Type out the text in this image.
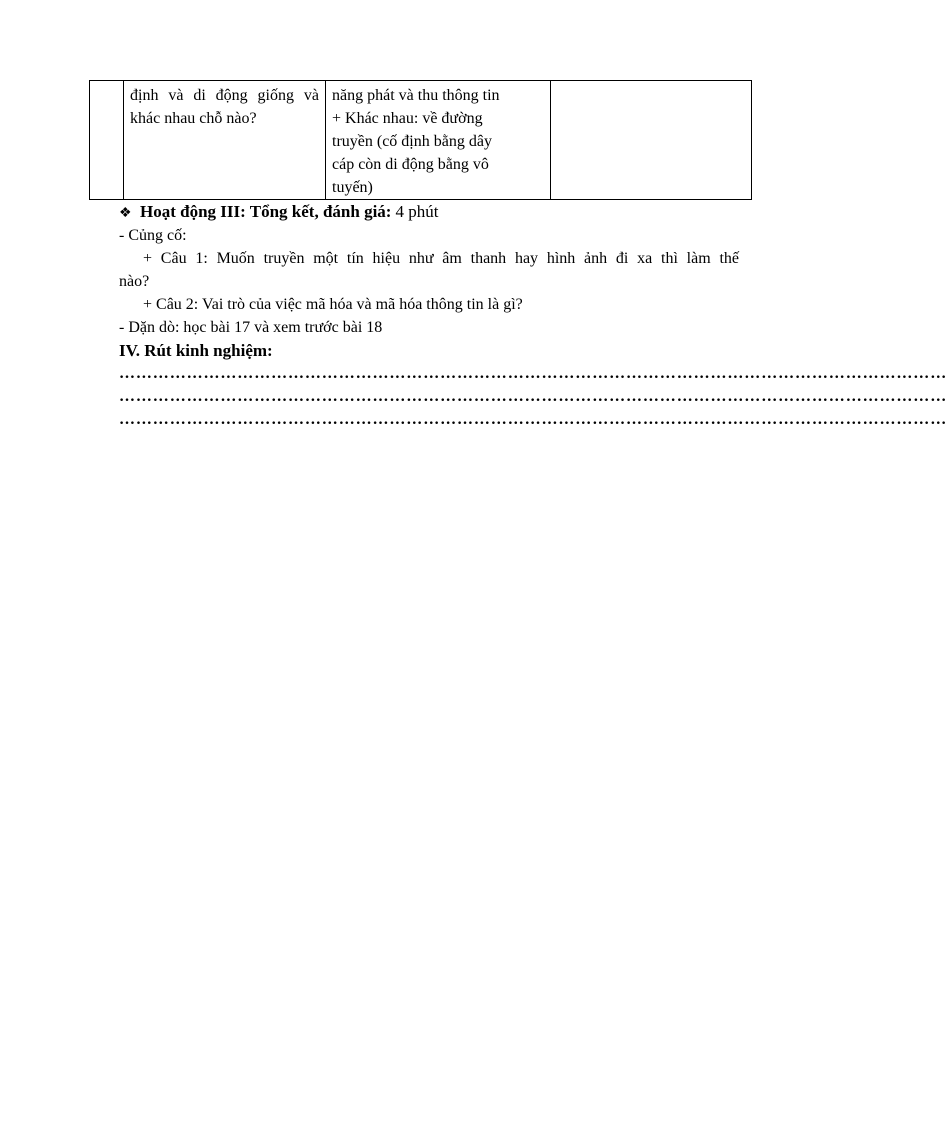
định và di động giống và
khác nhau chỗ nào?

năng phát và thu thông tin
+ Khác nhau: về đường
truyền (cố định bằng dây
cáp còn di động bằng vô
tuyến)

❖ Hoạt động III: Tổng kết, đánh giá: 4 phút
- Củng cố:
+ Câu 1: Muốn truyền một tín hiệu như âm thanh hay hình ảnh đi xa thì làm thế
nào?
+ Câu 2: Vai trò của việc mã hóa và mã hóa thông tin là gì?
- Dặn dò: học bài 17 và xem trước bài 18
IV. Rút kinh nghiệm:
…………………………………………………………………………………………………………………………………
…………………………………………………………………………………………………………………………………
…………………………………………………………………………………………………………………………………
